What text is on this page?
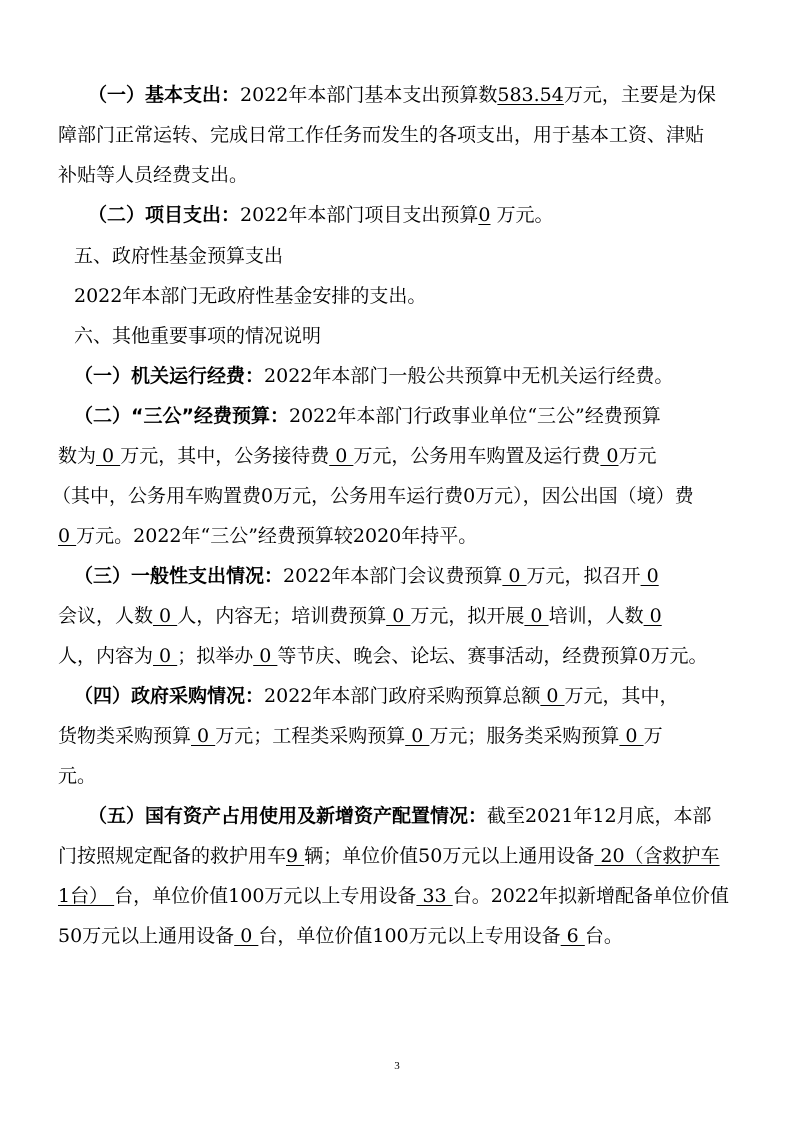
（一）基本支出：2022年本部门基本支出预算数583.54万元，主要是为保
障部门正常运转、完成日常工作任务而发生的各项支出，用于基本工资、津贴
补贴等人员经费支出。
（二）项目支出：2022年本部门项目支出预算0 万元。
五、政府性基金预算支出
2022年本部门无政府性基金安排的支出。
六、其他重要事项的情况说明
（一）机关运行经费：2022年本部门一般公共预算中无机关运行经费。
（二）“三公”经费预算：2022年本部门行政事业单位“三公”经费预算
数为 0 万元，其中，公务接待费 0 万元，公务用车购置及运行费 0万元
（其中，公务用车购置费0万元，公务用车运行费0万元），因公出国（境）费
0 万元。2022年“三公”经费预算较2020年持平。
（三）一般性支出情况：2022年本部门会议费预算 0 万元，拟召开 0
会议，人数 0 人，内容无；培训费预算 0 万元，拟开展 0 培训，人数 0
人，内容为 0 ；拟举办 0 等节庆、晚会、论坛、赛事活动，经费预算0万元。
（四）政府采购情况：2022年本部门政府采购预算总额 0 万元，其中，
货物类采购预算 0 万元；工程类采购预算 0 万元；服务类采购预算 0 万
元。
（五）国有资产占用使用及新增资产配置情况：截至2021年12月底，本部
门按照规定配备的救护用车9 辆；单位价值50万元以上通用设备 20（含救护车
1台） 台，单位价值100万元以上专用设备 33 台。2022年拟新增配备单位价值
50万元以上通用设备 0 台，单位价值100万元以上专用设备 6 台。
3
